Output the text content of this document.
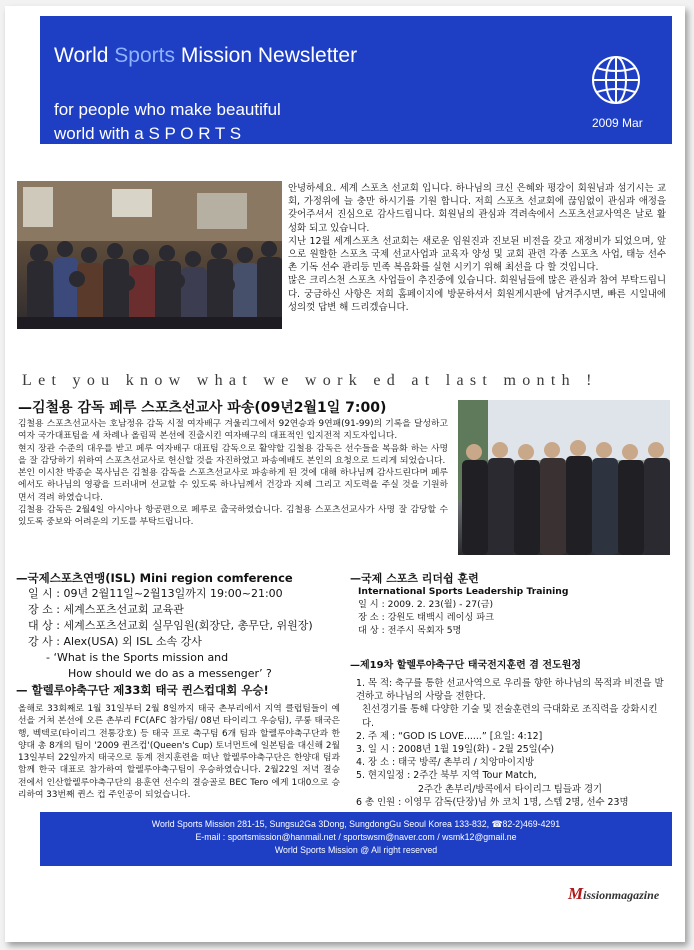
World Sports Mission Newsletter
for people who make beautiful
world with a S P O R T S
2009 Mar

안녕하세요. 세계 스포츠 선교회 입니다. 하나님의 크신 은혜와 평강이 회원님과 섬기시는 교회, 가정위에 늘 충만 하시기를 기원 합니다. 저희 스포츠 선교회에 끊임없이 관심과 애정을 갖어주셔서 진심으로 감사드립니다. 회원님의 관심과 격려속에서 스포츠선교사역은 날로 활성화 되고 있습니다.

지난 12월 세계스포츠 선교회는 새로운 임원진과 진보된 비전을 갖고 재정비가 되었으며, 앞으로 원할한 스포츠 국제 선교사업과 교육자 양성 및 교회 관련 각종 스포츠 사업, 태능 선수촌 기독 선수 관리등 민족 복음화를 실현 시키기 위해 최선을 다 할 것입니다.

많은 크리스천 스포츠 사업들이 추진중에 있습니다. 회원님들에 많은 관심과 참여 부탁드립니다. 궁금하신 사항은 저희 홈페이지에 방문하셔서 회원게시판에 남겨주시면, 빠른 시일내에 성의껏 답변 해 드리겠습니다.

Let you know what we work ed at last month !
—김철용 감독 페루 스포츠선교사 파송(09년2월1일 7:00)

김철용 스포츠선교사는 호남정유 감독 시절 여자배구 겨울리그에서 92연승과 9연패(91-99)의 기록을 달성하고 여자 국가대표팀을 세 차례나 올림픽 본선에 진출시킨 여자배구의 대표적인 입지전적 지도자입니다.

현지 장관 수준의 대우를 받고 페루 여자배구 대표팀 감독으로 활약할 김철용 감독은 선수들을 복음화 하는 사명을 잘 감당하기 위하여 스포츠선교사로 헌신할 것을 자진하였고 파송예배도 본인의 요청으로 드리게 되었습니다.

본인 이시찬 박종순 목사님은 김철용 감독을 스포츠선교사로 파송하게 된 것에 대해 하나님께 감사드린다며 페루에서도 하나님의 영광을 드러내며 선교할 수 있도록 하나님께서 건강과 지혜 그리고 지도력을 주실 것을 기원하면서 격려 하였습니다.

김철용 감독은 2월4일 아시아나 항공편으로 페루로 출국하였습니다. 김철용 스포츠선교사가 사명 잘 감당할 수 있도록 중보와 어려운의 기도를 부탁드립니다.

—국제스포츠연맹(ISL) Mini region comference
일 시 : 09년 2월11일~2월13일까지 19:00~21:00
장 소 : 세계스포츠선교회 교육관
대 상 : 세계스포츠선교회 실무임원(회장단, 총무단, 위원장)
강 사 : Alex(USA) 외 ISL 소속 강사
- ‘What is the Sports mission and
How should we do as a messenger’ ?
— 할렐루야축구단 제33회 태국 퀸스컵대회 우승!
올해로 33회째로 1월 31일부터 2월 8일까지 태국 촌부리에서 지역 클럽팀들이 예선을 거쳐 본선에 오른 촌부리 FC(AFC 참가팀/ 08년 타이리그 우승팀), 쿠룽 태국은행, 벡텍로(타이리그 전통강호) 등 태국 프로 축구팀 6개 팀과 할렐루야축구단과 한양대 총 8개의 팀이 '2009 퀸즈컵'(Queen's Cup) 토너먼트에 일본팀을 대신해 2월 13일부터 22일까지 태국으로 동계 전지훈련을 떠난 할렐루야축구단은 한양대 팀과 함께 한국 대표로 참가하여 할렐루야축구팀이 우승하였습니다. 2월22일 저녁 결승전에서 인산할렐루야축구단의 용훈연 선수의 결승골로 BEC Tero 에게 1대0으로 승리하여 33번째 퀸스 컵 주인공이 되었습니다.
—국제 스포츠 리더쉽 훈련
International Sports Leadership Training
일 시 : 2009. 2. 23(월) - 27(금)
장 소 : 강원도 태백시 레이싱 파크
대 상 : 전주시 목회자 5명
—제19차 할렐루야축구단 태국전지훈련 겸 전도원정
1. 목 적: 축구를 통한 선교사역으로 우리를 향한 하나님의 목적과 비전을 발견하고 하나님의 사랑을 전한다.
친선경기를 통해 다양한 기술 및 전술훈련의 극대화로 조직력을 강화시킨다.
2. 주 제 : “GOD IS LOVE......” [요일: 4:12]
3. 일 시 : 2008년 1월 19일(화) - 2월 25일(수)
4. 장 소 : 태국 방콕/ 촌부리 / 치앙마이지방
5. 현지일정 : 2주간 북부 지역 Tour Match,
2주간 촌부리/방콕에서 타이리그 팀들과 경기
6 총 인원 : 이영무 감독(단장)님 外 코치 1명, 스텝 2명, 선수 23명
World Sports Mission 281-15, Sungsu2Ga 3Dong, SungdongGu Seoul Korea 133-832, ☎82-2)469-4291
E-mail : sportsmission@hanmail.net / sportswsm@naver.com / wsmk12@gmail.ne
World Sports Mission @ All right reserved
Missionmagazine
